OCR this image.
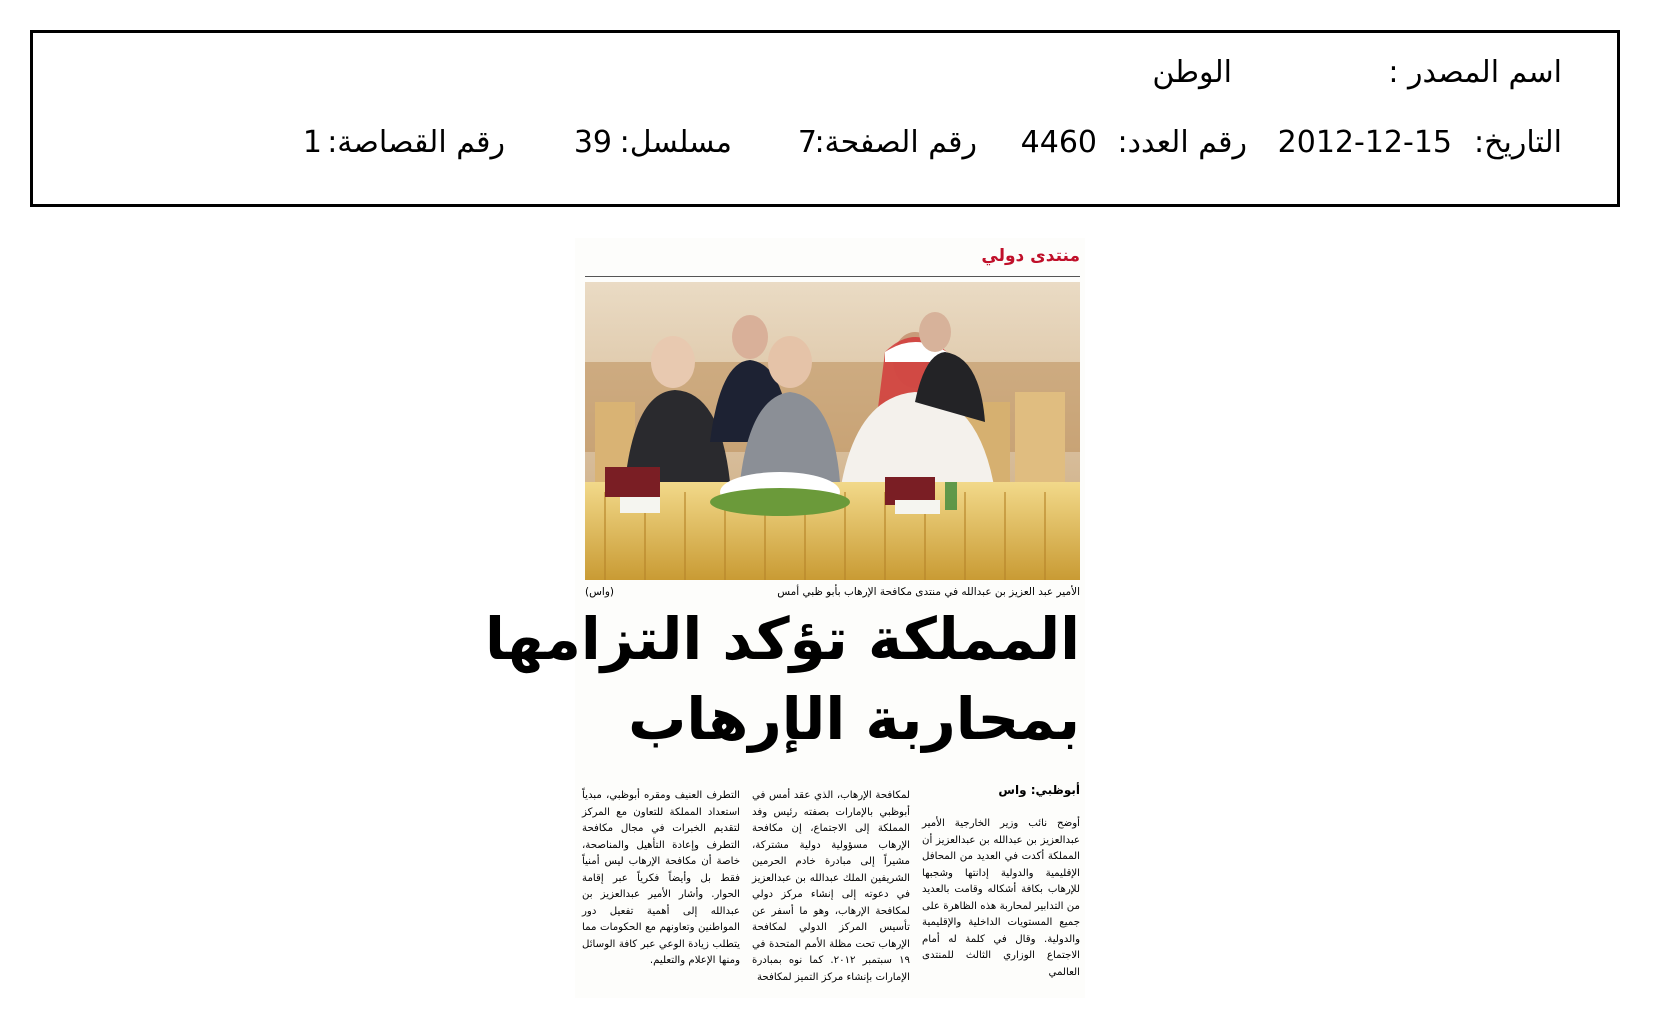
اسم المصدر :
الوطن
التاريخ:
2012-12-15
رقم العدد:
4460
رقم الصفحة:
7
مسلسل:
39
رقم القصاصة:
1
منتدى دولي
الأمير عبد العزيز بن عبدالله في منتدى مكافحة الإرهاب بأبو ظبي أمس
(واس)
المملكة تؤكد التزامها
بمحاربة الإرهاب
أبوظبي: واس
أوضح نائب وزير الخارجية الأمير عبدالعزيز بن عبدالله بن عبدالعزيز أن المملكة أكدت في العديد من المحافل الإقليمية والدولية إدانتها وشجبها للإرهاب بكافة أشكاله وقامت بالعديد من التدابير لمحاربة هذه الظاهرة على جميع المستويات الداخلية والإقليمية والدولية. وقال في كلمة له أمام الاجتماع الوزاري الثالث للمنتدى العالمي
لمكافحة الإرهاب، الذي عقد أمس في أبوظبي بالإمارات بصفته رئيس وفد المملكة إلى الاجتماع، إن مكافحة الإرهاب مسؤولية دولية مشتركة، مشيراً إلى مبادرة خادم الحرمين الشريفين الملك عبدالله بن عبدالعزيز في دعوته إلى إنشاء مركز دولي لمكافحة الإرهاب، وهو ما أسفر عن تأسيس المركز الدولي لمكافحة الإرهاب تحت مظلة الأمم المتحدة في ١٩ سبتمبر ٢٠١٢. كما نوه بمبادرة الإمارات بإنشاء مركز التميز لمكافحة
التطرف العنيف ومقره أبوظبي، مبدياً استعداد المملكة للتعاون مع المركز لتقديم الخبرات في مجال مكافحة التطرف وإعادة التأهيل والمناصحة، خاصة أن مكافحة الإرهاب ليس أمنياً فقط بل وأيضاً فكرياً عبر إقامة الحوار. وأشار الأمير عبدالعزيز بن عبدالله إلى أهمية تفعيل دور المواطنين وتعاونهم مع الحكومات مما يتطلب زيادة الوعي عبر كافة الوسائل ومنها الإعلام والتعليم.
